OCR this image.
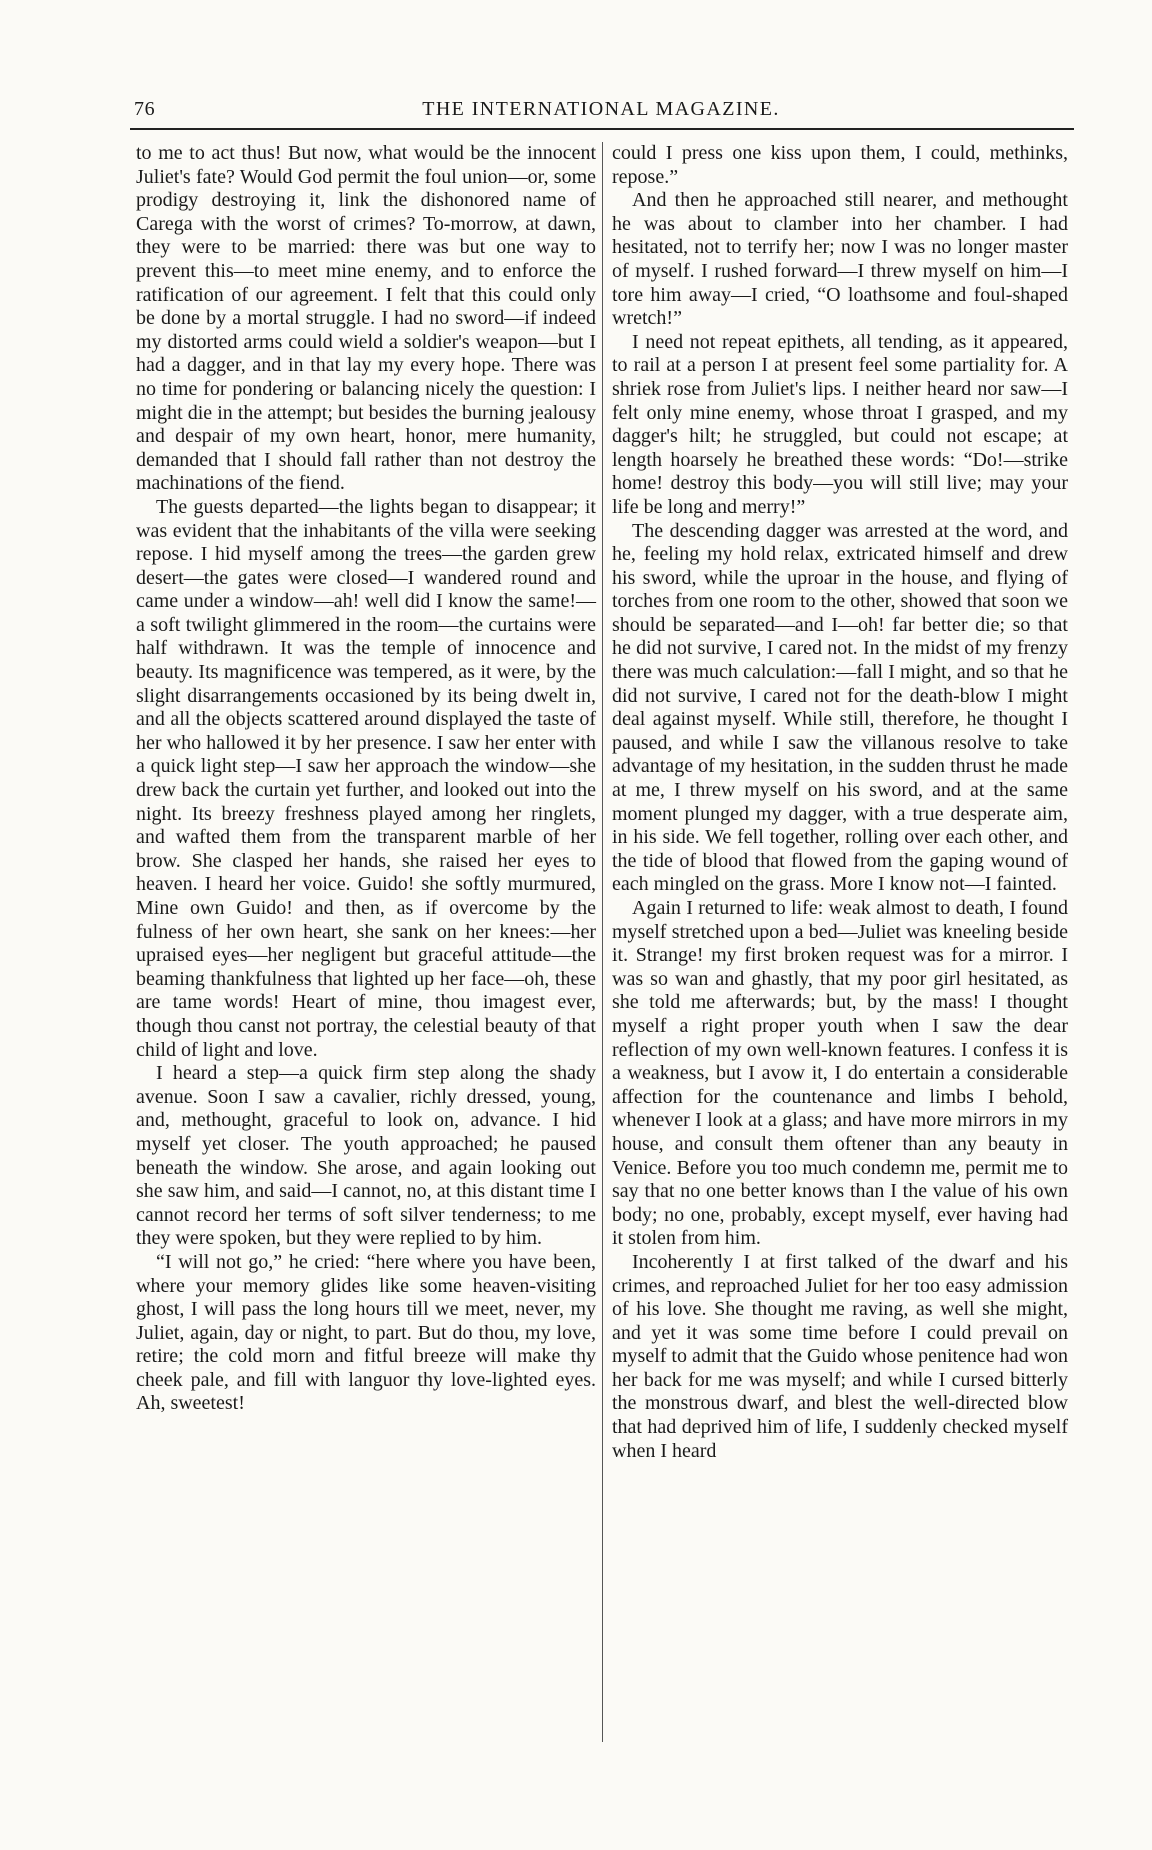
76	THE INTERNATIONAL MAGAZINE.

to me to act thus! But now, what would be the innocent Juliet's fate? Would God permit the foul union—or, some prodigy destroying it, link the dishonored name of Carega with the worst of crimes? To-morrow, at dawn, they were to be married: there was but one way to prevent this—to meet mine enemy, and to enforce the ratification of our agreement. I felt that this could only be done by a mortal struggle. I had no sword—if indeed my distorted arms could wield a soldier's weapon—but I had a dagger, and in that lay my every hope. There was no time for pondering or balancing nicely the question: I might die in the attempt; but besides the burning jealousy and despair of my own heart, honor, mere humanity, demanded that I should fall rather than not destroy the machinations of the fiend.

The guests departed—the lights began to disappear; it was evident that the inhabitants of the villa were seeking repose. I hid myself among the trees—the garden grew desert—the gates were closed—I wandered round and came under a window—ah! well did I know the same!—a soft twilight glimmered in the room—the curtains were half withdrawn. It was the temple of innocence and beauty. Its magnificence was tempered, as it were, by the slight disarrangements occasioned by its being dwelt in, and all the objects scattered around displayed the taste of her who hallowed it by her presence. I saw her enter with a quick light step—I saw her approach the window—she drew back the curtain yet further, and looked out into the night. Its breezy freshness played among her ringlets, and wafted them from the transparent marble of her brow. She clasped her hands, she raised her eyes to heaven. I heard her voice. Guido! she softly murmured, Mine own Guido! and then, as if overcome by the fulness of her own heart, she sank on her knees:—her upraised eyes—her negligent but graceful attitude—the beaming thankfulness that lighted up her face—oh, these are tame words! Heart of mine, thou imagest ever, though thou canst not portray, the celestial beauty of that child of light and love.

I heard a step—a quick firm step along the shady avenue. Soon I saw a cavalier, richly dressed, young, and, methought, graceful to look on, advance. I hid myself yet closer. The youth approached; he paused beneath the window. She arose, and again looking out she saw him, and said—I cannot, no, at this distant time I cannot record her terms of soft silver tenderness; to me they were spoken, but they were replied to by him.

“I will not go,” he cried: “here where you have been, where your memory glides like some heaven-visiting ghost, I will pass the long hours till we meet, never, my Juliet, again, day or night, to part. But do thou, my love, retire; the cold morn and fitful breeze will make thy cheek pale, and fill with languor thy love-lighted eyes. Ah, sweetest!

could I press one kiss upon them, I could, methinks, repose.”

And then he approached still nearer, and methought he was about to clamber into her chamber. I had hesitated, not to terrify her; now I was no longer master of myself. I rushed forward—I threw myself on him—I tore him away—I cried, “O loathsome and foul-shaped wretch!”

I need not repeat epithets, all tending, as it appeared, to rail at a person I at present feel some partiality for. A shriek rose from Juliet's lips. I neither heard nor saw—I felt only mine enemy, whose throat I grasped, and my dagger's hilt; he struggled, but could not escape; at length hoarsely he breathed these words: “Do!—strike home! destroy this body—you will still live; may your life be long and merry!”

The descending dagger was arrested at the word, and he, feeling my hold relax, extricated himself and drew his sword, while the uproar in the house, and flying of torches from one room to the other, showed that soon we should be separated—and I—oh! far better die; so that he did not survive, I cared not. In the midst of my frenzy there was much calculation:—fall I might, and so that he did not survive, I cared not for the death-blow I might deal against myself. While still, therefore, he thought I paused, and while I saw the villanous resolve to take advantage of my hesitation, in the sudden thrust he made at me, I threw myself on his sword, and at the same moment plunged my dagger, with a true desperate aim, in his side. We fell together, rolling over each other, and the tide of blood that flowed from the gaping wound of each mingled on the grass. More I know not—I fainted.

Again I returned to life: weak almost to death, I found myself stretched upon a bed—Juliet was kneeling beside it. Strange! my first broken request was for a mirror. I was so wan and ghastly, that my poor girl hesitated, as she told me afterwards; but, by the mass! I thought myself a right proper youth when I saw the dear reflection of my own well-known features. I confess it is a weakness, but I avow it, I do entertain a considerable affection for the countenance and limbs I behold, whenever I look at a glass; and have more mirrors in my house, and consult them oftener than any beauty in Venice. Before you too much condemn me, permit me to say that no one better knows than I the value of his own body; no one, probably, except myself, ever having had it stolen from him.

Incoherently I at first talked of the dwarf and his crimes, and reproached Juliet for her too easy admission of his love. She thought me raving, as well she might, and yet it was some time before I could prevail on myself to admit that the Guido whose penitence had won her back for me was myself; and while I cursed bitterly the monstrous dwarf, and blest the well-directed blow that had deprived him of life, I suddenly checked myself when I heard
